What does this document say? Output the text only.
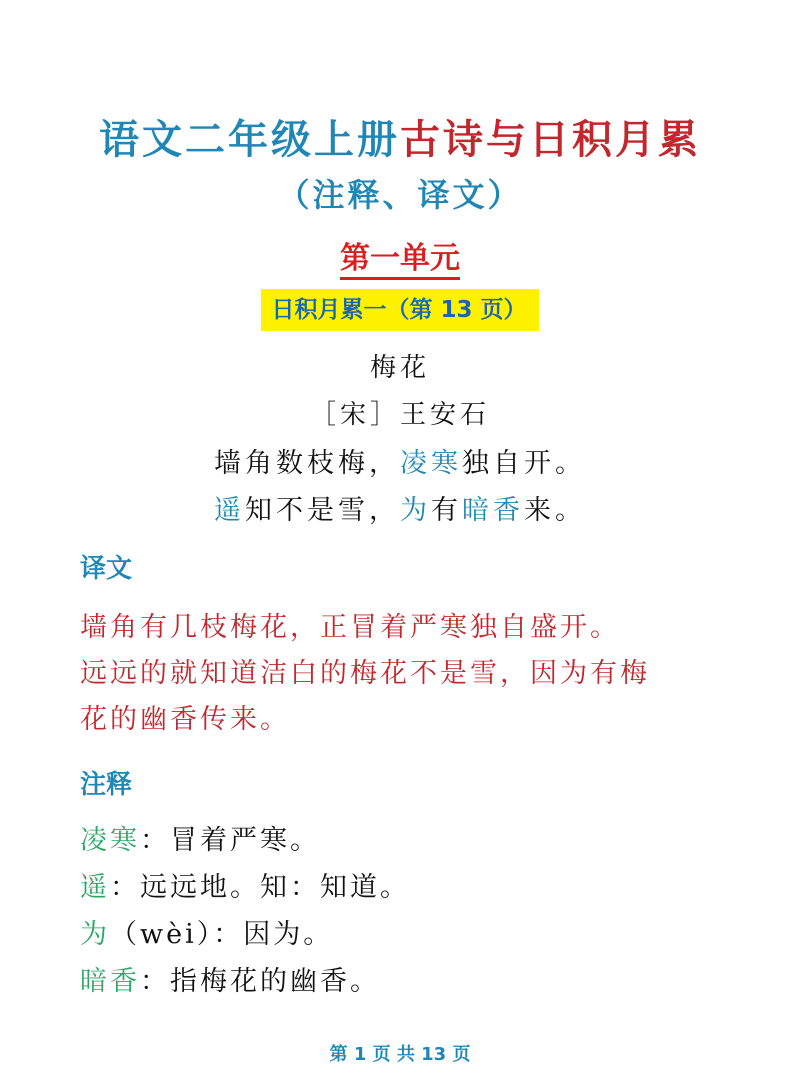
语文二年级上册古诗与日积月累
（注释、译文）
第一单元
日积月累一（第 13 页）
梅花
［宋］王安石
墙角数枝梅，凌寒独自开。
遥知不是雪，为有暗香来。
译文
墙角有几枝梅花，正冒着严寒独自盛开。
远远的就知道洁白的梅花不是雪，因为有梅
花的幽香传来。
注释
凌寒：冒着严寒。
遥：远远地。知：知道。
为（wèi）：因为。
暗香：指梅花的幽香。
第 1 页 共 13 页
